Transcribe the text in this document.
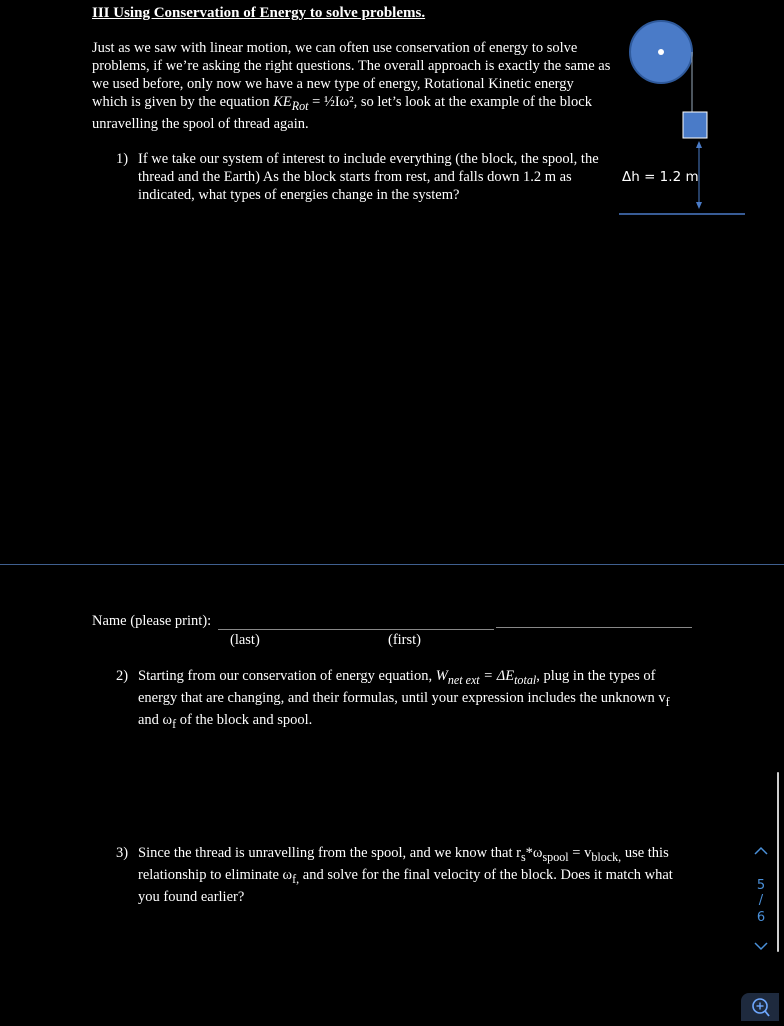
III Using Conservation of Energy to solve problems.
Just as we saw with linear motion, we can often use conservation of energy to solve problems, if we’re asking the right questions. The overall approach is exactly the same as we used before, only now we have a new type of energy, Rotational Kinetic energy which is given by the equation $KE_{Rot}$ = ½Iω², so let’s look at the example of the block unravelling the spool of thread again.
Δh = 1.2 m
1) If we take our system of interest to include everything (the block, the spool, the thread and the Earth) As the block starts from rest, and falls down 1.2 m as indicated, what types of energies change in the system?
Name (please print):
(last)	(first)
2) Starting from our conservation of energy equation, $W_{net ext} = \Delta E_{total}$, plug in the types of energy that are changing, and their formulas, until your expression includes the unknown $v_f$ and $\omega_f$ of the block and spool.
3) Since the thread is unravelling from the spool, and we know that $r_s*\omega_{spool} = v_{block,}$ use this relationship to eliminate $\omega_{f,}$ and solve for the final velocity of the block. Does it match what you found earlier?
5
/
6
